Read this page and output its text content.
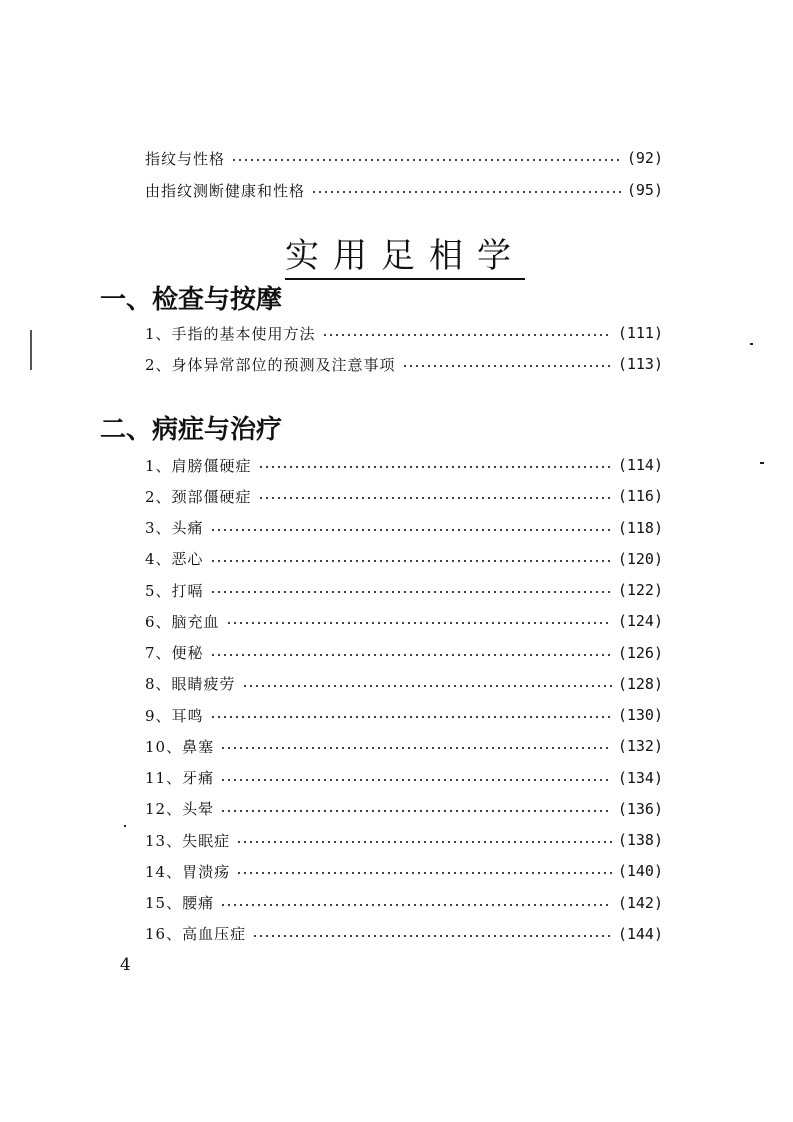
实用足相学
一、检查与按摩
二、病症与治疗
4
指纹与性格	(92)
由指纹测断健康和性格	(95)
1、手指的基本使用方法	(111)
2、身体异常部位的预测及注意事项	(113)
1、肩膀僵硬症	(114)
2、颈部僵硬症	(116)
3、头痛	(118)
4、恶心	(120)
5、打嗝	(122)
6、脑充血	(124)
7、便秘	(126)
8、眼睛疲劳	(128)
9、耳鸣	(130)
10、鼻塞	(132)
11、牙痛	(134)
12、头晕	(136)
13、失眠症	(138)
14、胃溃疡	(140)
15、腰痛	(142)
16、高血压症	(144)
